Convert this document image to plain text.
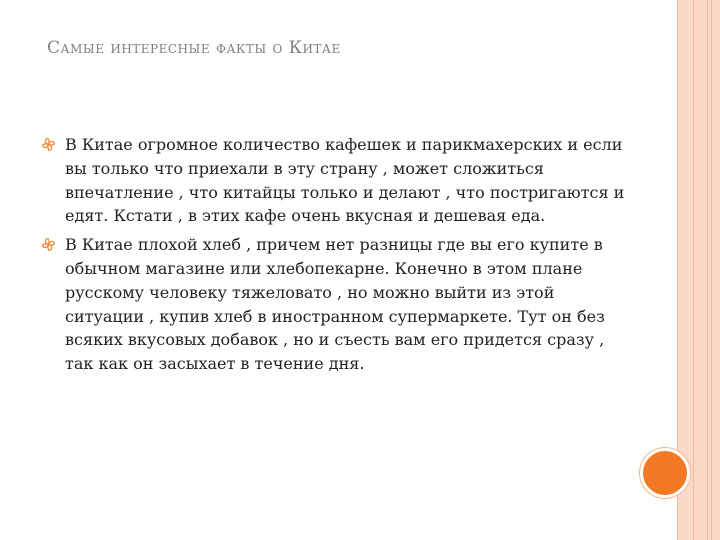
Самые интересные факты о Китае
В Китае огромное количество кафешек и парикмахерских и если вы только что приехали в эту страну , может сложиться впечатление , что китайцы только и делают , что постригаются и едят. Кстати , в этих кафе очень вкусная и дешевая еда.
В Китае плохой хлеб , причем нет разницы где вы его купите в обычном магазине или хлебопекарне. Конечно в этом плане русскому человеку тяжеловато , но можно выйти из этой ситуации , купив хлеб в иностранном супермаркете. Тут он без всяких вкусовых добавок , но и съесть вам его придется сразу , так как он засыхает в течение дня.
